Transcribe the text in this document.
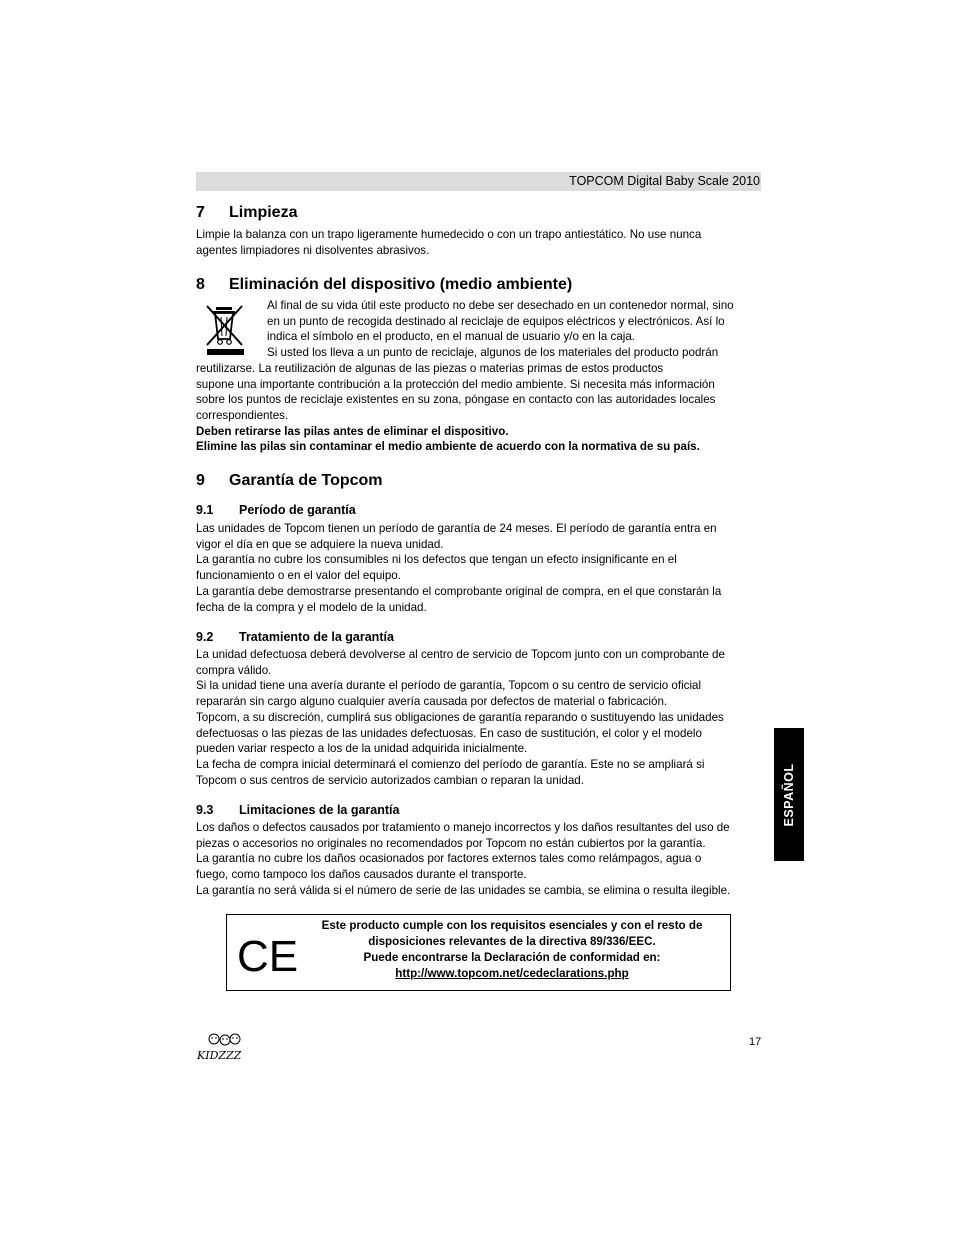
TOPCOM Digital Baby Scale 2010
7 Limpieza

Limpie la balanza con un trapo ligeramente humedecido o con un trapo antiestático. No use nunca

agentes limpiadores ni disolventes abrasivos.

8 Eliminación del dispositivo (medio ambiente)

Al final de su vida útil este producto no debe ser desechado en un contenedor normal, sino

en un punto de recogida destinado al reciclaje de equipos eléctricos y electrónicos. Así lo

indica el símbolo en el producto, en el manual de usuario y/o en la caja.

Si usted los lleva a un punto de reciclaje, algunos de los materiales del producto podrán

reutilizarse. La reutilización de algunas de las piezas o materias primas de estos productos

supone una importante contribución a la protección del medio ambiente. Si necesita más información

sobre los puntos de reciclaje existentes en su zona, póngase en contacto con las autoridades locales

correspondientes.

Deben retirarse las pilas antes de eliminar el dispositivo.

Elimine las pilas sin contaminar el medio ambiente de acuerdo con la normativa de su país.

9 Garantía de Topcom
9.1 Período de garantía

Las unidades de Topcom tienen un período de garantía de 24 meses. El período de garantía entra en

vigor el día en que se adquiere la nueva unidad.

La garantía no cubre los consumibles ni los defectos que tengan un efecto insignificante en el

funcionamiento o en el valor del equipo.

La garantía debe demostrarse presentando el comprobante original de compra, en el que constarán la

fecha de la compra y el modelo de la unidad.

9.2 Tratamiento de la garantía

La unidad defectuosa deberá devolverse al centro de servicio de Topcom junto con un comprobante de

compra válido.

Si la unidad tiene una avería durante el período de garantía, Topcom o su centro de servicio oficial

repararán sin cargo alguno cualquier avería causada por defectos de material o fabricación.

Topcom, a su discreción, cumplirá sus obligaciones de garantía reparando o sustituyendo las unidades

defectuosas o las piezas de las unidades defectuosas. En caso de sustitución, el color y el modelo

pueden variar respecto a los de la unidad adquirida inicialmente.

La fecha de compra inicial determinará el comienzo del período de garantía. Este no se ampliará si

Topcom o sus centros de servicio autorizados cambian o reparan la unidad.

9.3 Limitaciones de la garantía

Los daños o defectos causados por tratamiento o manejo incorrectos y los daños resultantes del uso de

piezas o accesorios no originales no recomendados por Topcom no están cubiertos por la garantía.

La garantía no cubre los daños ocasionados por factores externos tales como relámpagos, agua o

fuego, como tampoco los daños causados durante el transporte.

La garantía no será válida si el número de serie de las unidades se cambia, se elimina o resulta ilegible.

ESPAÑOL
CE

Este producto cumple con los requisitos esenciales y con el resto de

disposiciones relevantes de la directiva 89/336/EEC.

Puede encontrarse la Declaración de conformidad en:

http://www.topcom.net/cedeclarations.php

KIDZZZ
17
